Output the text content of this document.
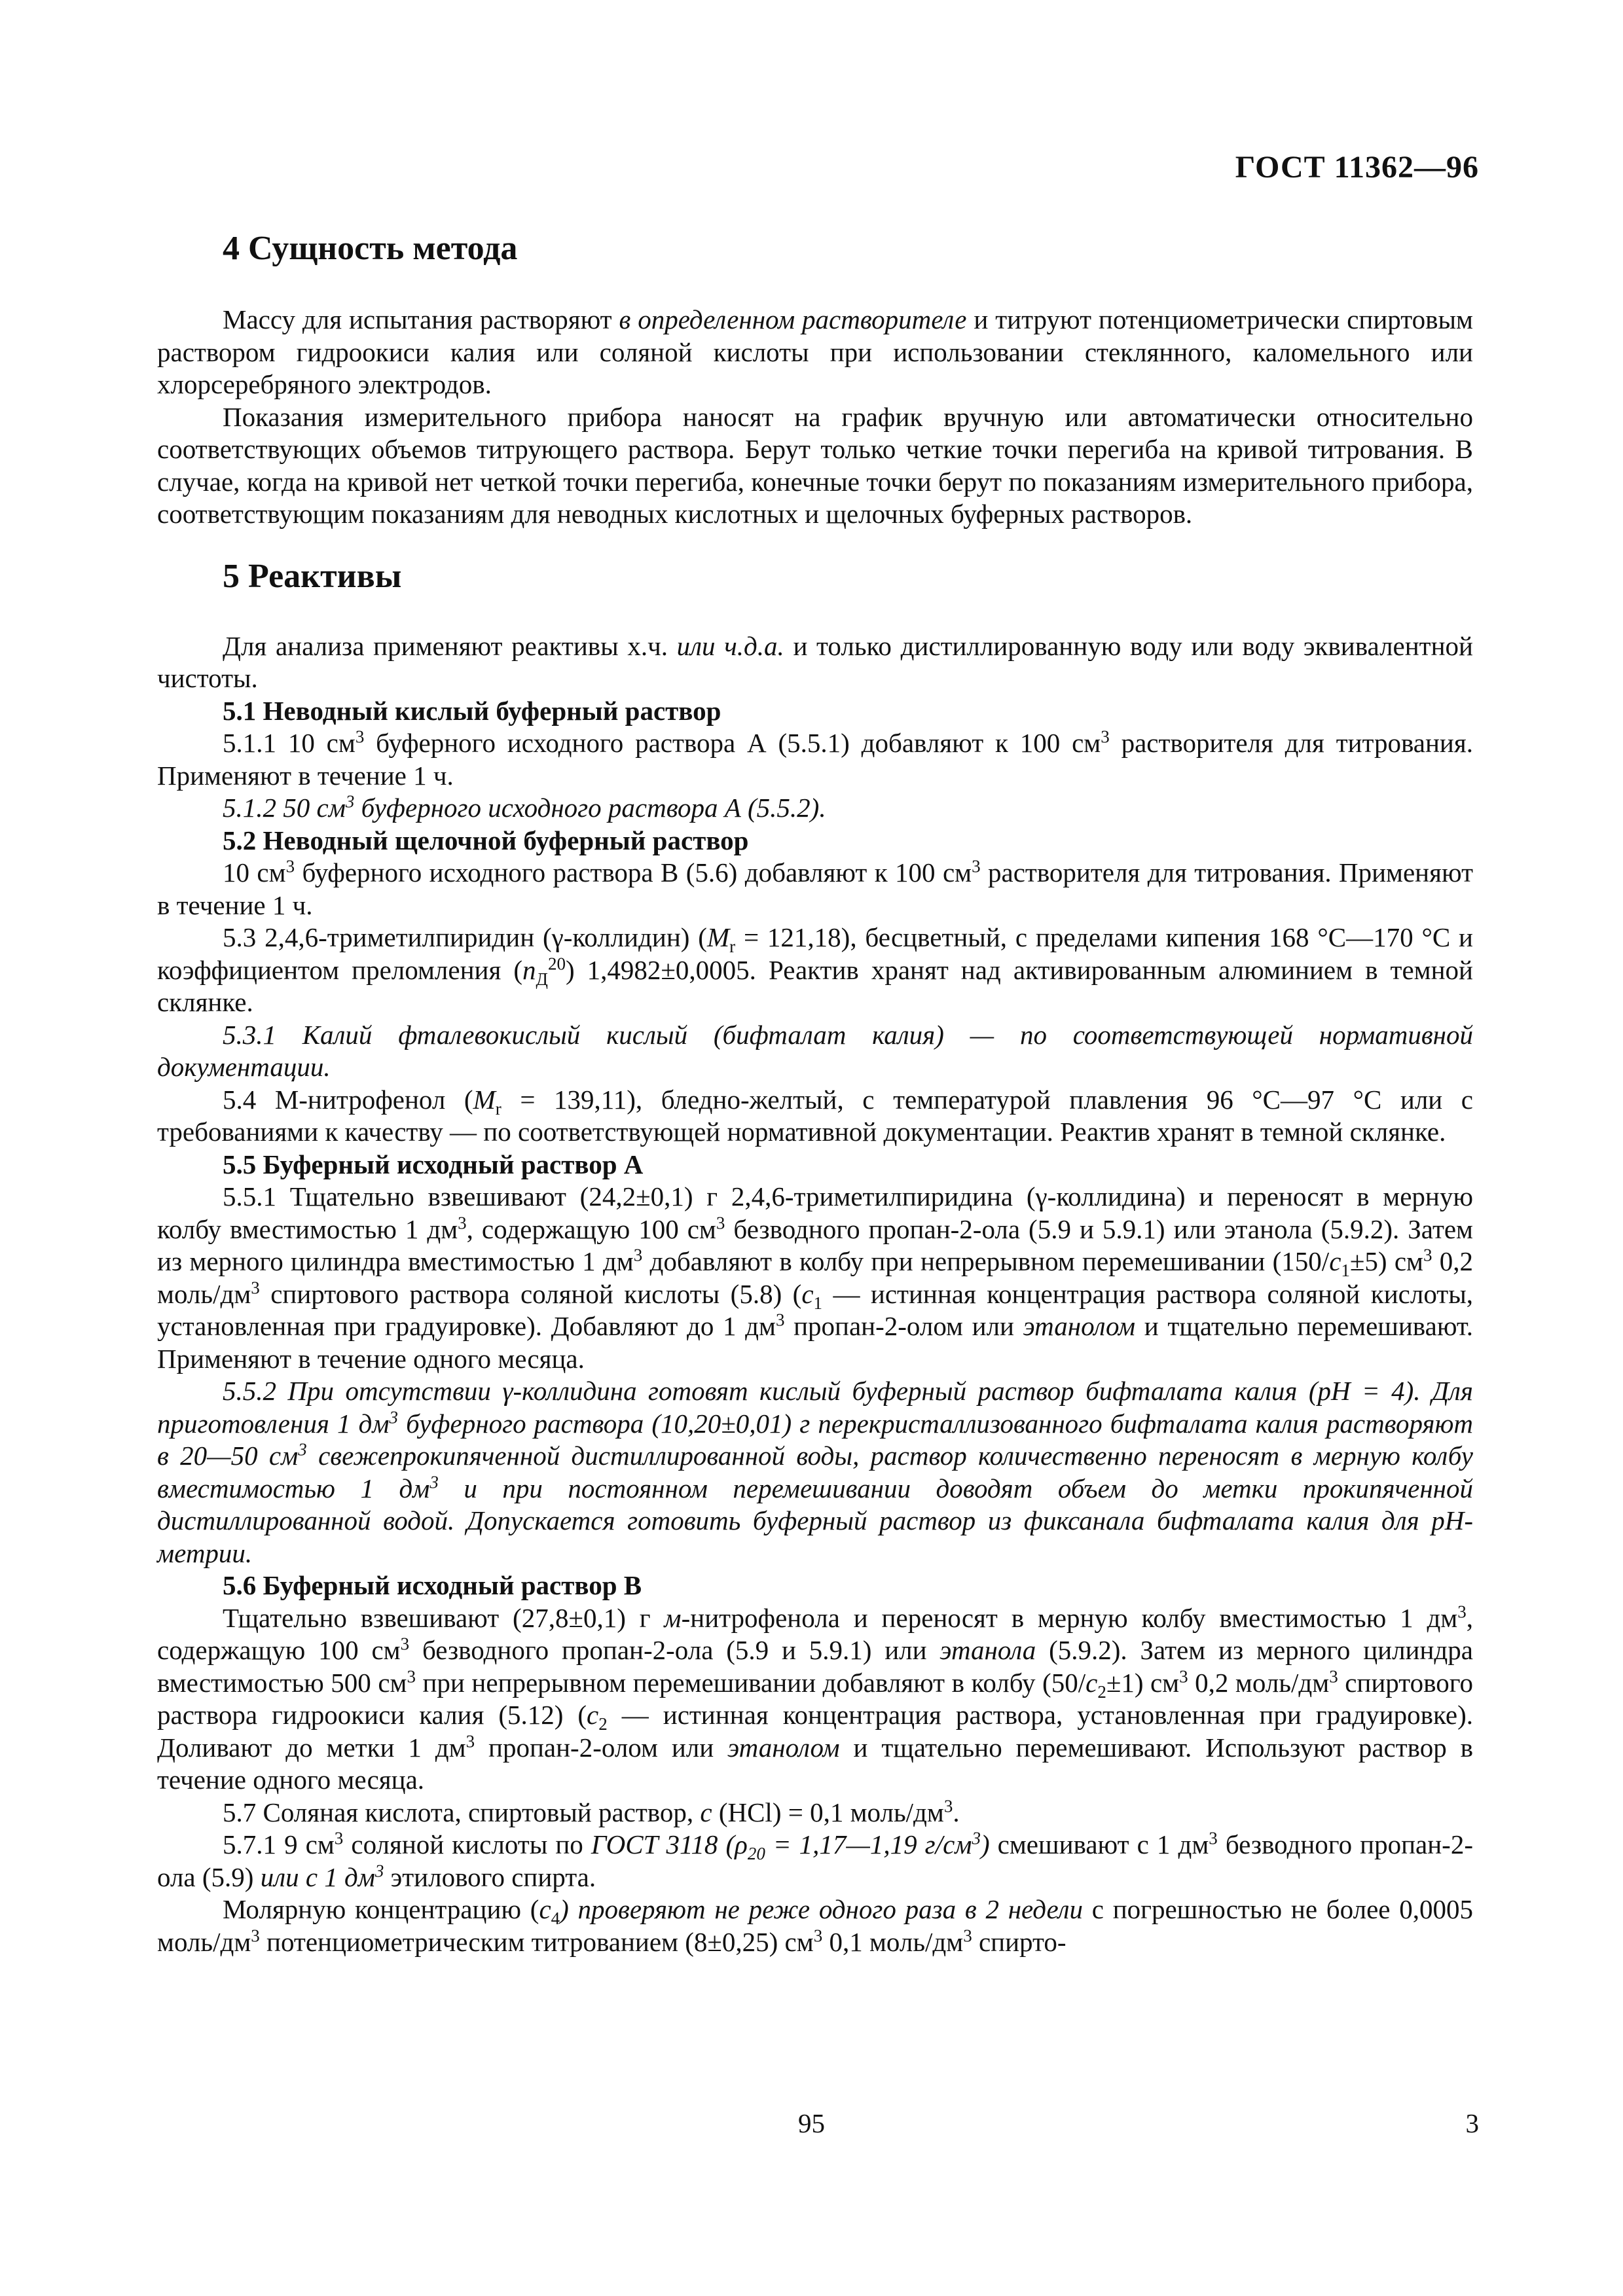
ГОСТ 11362—96
4 Сущность метода

Массу для испытания растворяют в определенном растворителе и титруют потенциометрически спиртовым раствором гидроокиси калия или соляной кислоты при использовании стеклянного, каломельного или хлорсеребряного электродов.

Показания измерительного прибора наносят на график вручную или автоматически относительно соответствующих объемов титрующего раствора. Берут только четкие точки перегиба на кривой титрования. В случае, когда на кривой нет четкой точки перегиба, конечные точки берут по показаниям измерительного прибора, соответствующим показаниям для неводных кислотных и щелочных буферных растворов.

5 Реактивы

Для анализа применяют реактивы х.ч. или ч.д.а. и только дистиллированную воду или воду эквивалентной чистоты.

5.1 Неводный кислый буферный раствор

5.1.1 10 $см^3$ буферного исходного раствора А (5.5.1) добавляют к 100 $см^3$ растворителя для титрования. Применяют в течение 1 ч.

5.1.2 50 $см^3$ буферного исходного раствора А (5.5.2).

5.2 Неводный щелочной буферный раствор

10 $см^3$ буферного исходного раствора В (5.6) добавляют к 100 $см^3$ растворителя для титрования. Применяют в течение 1 ч.

5.3 2,4,6-триметилпиридин (γ-коллидин) $(M_r = 121,18)$, бесцветный, с пределами кипения 168 °С—170 °С и коэффициентом преломления $(n_Д^{20})$ 1,4982±0,0005. Реактив хранят над активированным алюминием в темной склянке.

5.3.1 Калий фталевокислый кислый (бифталат калия) — по соответствующей нормативной документации.

5.4 М-нитрофенол $(M_r = 139,11)$, бледно-желтый, с температурой плавления 96 °С—97 °С или с требованиями к качеству — по соответствующей нормативной документации. Реактив хранят в темной склянке.

5.5 Буферный исходный раствор А

5.5.1 Тщательно взвешивают (24,2±0,1) г 2,4,6-триметилпиридина (γ-коллидина) и переносят в мерную колбу вместимостью 1 $дм^3$, содержащую 100 $см^3$ безводного пропан-2-ола (5.9 и 5.9.1) или этанола (5.9.2). Затем из мерного цилиндра вместимостью 1 $дм^3$ добавляют в колбу при непрерывном перемешивании $(150/c_1\pm 5)$ $см^3$ 0,2 моль/$дм^3$ спиртового раствора соляной кислоты (5.8) ($c_1$ — истинная концентрация раствора соляной кислоты, установленная при градуировке). Добавляют до 1 $дм^3$ пропан-2-олом или этанолом и тщательно перемешивают. Применяют в течение одного месяца.

5.5.2 При отсутствии γ-коллидина готовят кислый буферный раствор бифталата калия (pH = 4). Для приготовления 1 $дм^3$ буферного раствора (10,20±0,01) г перекристаллизованного бифталата калия растворяют в 20—50 $см^3$ свежепрокипяченной дистиллированной воды, раствор количественно переносят в мерную колбу вместимостью 1 $дм^3$ и при постоянном перемешивании доводят объем до метки прокипяченной дистиллированной водой. Допускается готовить буферный раствор из фиксанала бифталата калия для pH-метрии.

5.6 Буферный исходный раствор В

Тщательно взвешивают (27,8±0,1) г м-нитрофенола и переносят в мерную колбу вместимостью 1 $дм^3$, содержащую 100 $см^3$ безводного пропан-2-ола (5.9 и 5.9.1) или этанола (5.9.2). Затем из мерного цилиндра вместимостью 500 $см^3$ при непрерывном перемешивании добавляют в колбу $(50/c_2\pm 1)$ $см^3$ 0,2 моль/$дм^3$ спиртового раствора гидроокиси калия (5.12) ($c_2$ — истинная концентрация раствора, установленная при градуировке). Доливают до метки 1 $дм^3$ пропан-2-олом или этанолом и тщательно перемешивают. Используют раствор в течение одного месяца.

5.7 Соляная кислота, спиртовый раствор, с (HCl) = 0,1 моль/$дм^3$.

5.7.1 9 $см^3$ соляной кислоты по ГОСТ 3118 ($\rho_{20}$ = 1,17—1,19 $г/см^3$) смешивают с 1 $дм^3$ безводного пропан-2-ола (5.9) или с 1 $дм^3$ этилового спирта.

Молярную концентрацию $(с_4)$ проверяют не реже одного раза в 2 недели с погрешностью не более 0,0005 моль/$дм^3$ потенциометрическим титрованием (8±0,25) $см^3$ 0,1 моль/$дм^3$ спирто-

95	3
